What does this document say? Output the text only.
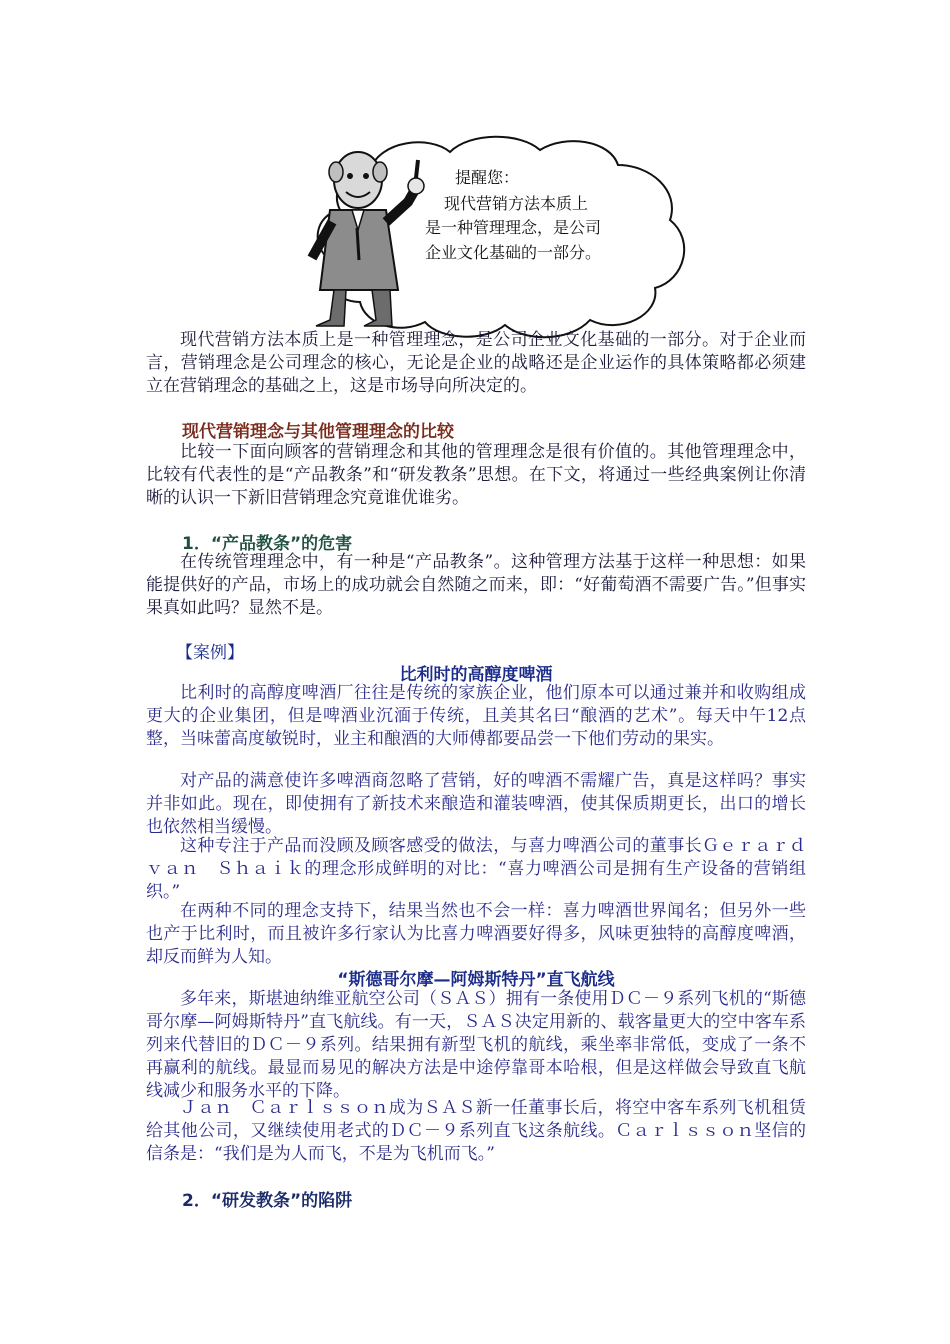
提醒您：

现代营销方法本质上

是一种管理理念，是公司

企业文化基础的一部分。

现代营销方法本质上是一种管理理念，是公司企业文化基础的一部分。对于企业而言，营销理念是公司理念的核心，无论是企业的战略还是企业运作的具体策略都必须建立在营销理念的基础之上，这是市场导向所决定的。

现代营销理念与其他管理理念的比较

比较一下面向顾客的营销理念和其他的管理理念是很有价值的。其他管理理念中，比较有代表性的是“产品教条”和“研发教条”思想。在下文，将通过一些经典案例让你清晰的认识一下新旧营销理念究竟谁优谁劣。

1．“产品教条”的危害

在传统管理理念中，有一种是“产品教条”。这种管理方法基于这样一种思想：如果能提供好的产品，市场上的成功就会自然随之而来，即：“好葡萄酒不需要广告。”但事实果真如此吗？显然不是。

【案例】

比利时的高醇度啤酒

比利时的高醇度啤酒厂往往是传统的家族企业，他们原本可以通过兼并和收购组成更大的企业集团，但是啤酒业沉湎于传统，且美其名曰“酿酒的艺术”。每天中午12点整，当味蕾高度敏锐时，业主和酿酒的大师傅都要品尝一下他们劳动的果实。

对产品的满意使许多啤酒商忽略了营销，好的啤酒不需耀广告，真是这样吗？事实并非如此。现在，即使拥有了新技术来酿造和灌装啤酒，使其保质期更长，出口的增长也依然相当缓慢。

这种专注于产品而没顾及顾客感受的做法，与喜力啤酒公司的董事长Ｇｅｒａｒｄ　ｖａｎ　Ｓｈａｉｋ的理念形成鲜明的对比：“喜力啤酒公司是拥有生产设备的营销组织。”

在两种不同的理念支持下，结果当然也不会一样：喜力啤酒世界闻名；但另外一些也产于比利时，而且被许多行家认为比喜力啤酒要好得多，风味更独特的高醇度啤酒，却反而鲜为人知。

“斯德哥尔摩—阿姆斯特丹”直飞航线

多年来，斯堪迪纳维亚航空公司（ＳＡＳ）拥有一条使用ＤＣ－９系列飞机的“斯德哥尔摩—阿姆斯特丹”直飞航线。有一天，ＳＡＳ决定用新的、载客量更大的空中客车系列来代替旧的ＤＣ－９系列。结果拥有新型飞机的航线，乘坐率非常低，变成了一条不再赢利的航线。最显而易见的解决方法是中途停靠哥本哈根，但是这样做会导致直飞航线减少和服务水平的下降。

Ｊａｎ　Ｃａｒｌｓｓｏｎ成为ＳＡＳ新一任董事长后，将空中客车系列飞机租赁给其他公司，又继续使用老式的ＤＣ－９系列直飞这条航线。Ｃａｒｌｓｓｏｎ坚信的信条是：“我们是为人而飞，不是为飞机而飞。”

2．“研发教条”的陷阱
